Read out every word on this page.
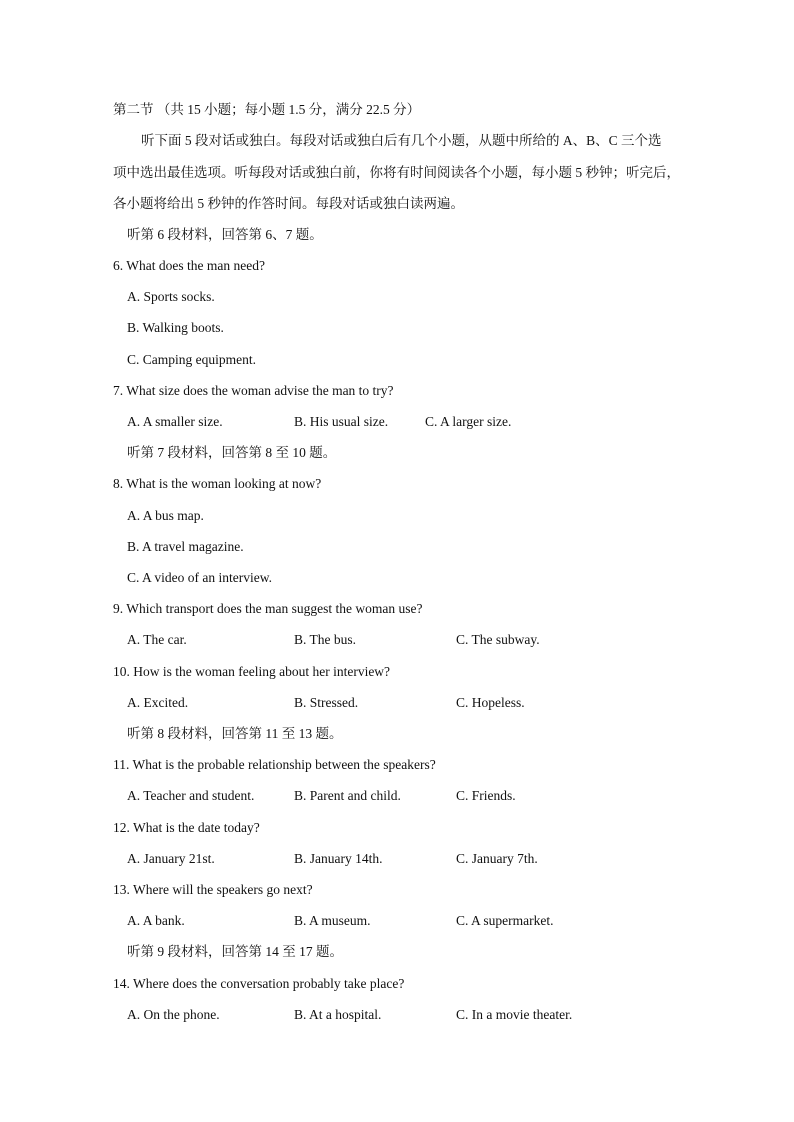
第二节 （共 15 小题；每小题 1.5 分，满分 22.5 分）
听下面 5 段对话或独白。每段对话或独白后有几个小题，从题中所给的 A、B、C 三个选
项中选出最佳选项。听每段对话或独白前，你将有时间阅读各个小题，每小题 5 秒钟；听完后，
各小题将给出 5 秒钟的作答时间。每段对话或独白读两遍。
听第 6 段材料，回答第 6、7 题。
6. What does the man need?
A. Sports socks.
B. Walking boots.
C. Camping equipment.
7. What size does the woman advise the man to try?
A. A smaller size.	B. His usual size.	C. A larger size.
听第 7 段材料，回答第 8 至 10 题。
8. What is the woman looking at now?
A. A bus map.
B. A travel magazine.
C. A video of an interview.
9. Which transport does the man suggest the woman use?
A. The car.	B. The bus.	C. The subway.
10. How is the woman feeling about her interview?
A. Excited.	B. Stressed.	C. Hopeless.
听第 8 段材料，回答第 11 至 13 题。
11. What is the probable relationship between the speakers?
A. Teacher and student.	B. Parent and child.	C. Friends.
12. What is the date today?
A. January 21st.	B. January 14th.	C. January 7th.
13. Where will the speakers go next?
A. A bank.	B. A museum.	C. A supermarket.
听第 9 段材料，回答第 14 至 17 题。
14. Where does the conversation probably take place?
A. On the phone.	B. At a hospital.	C. In a movie theater.
